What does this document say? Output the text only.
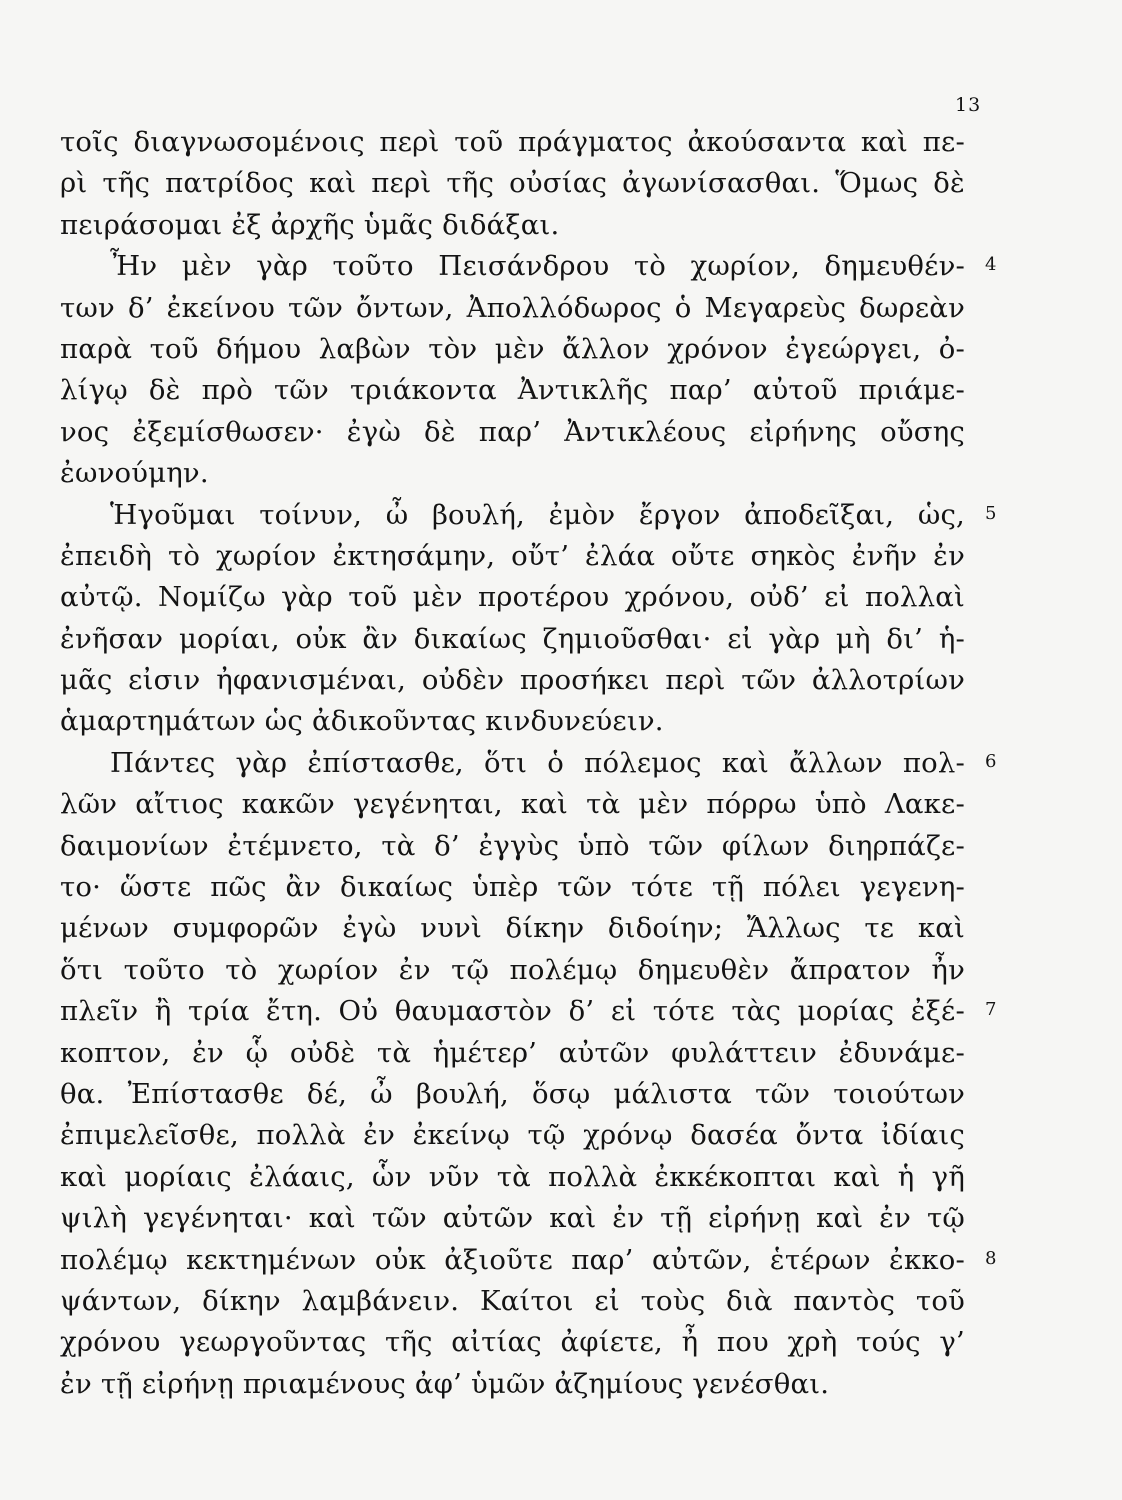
13
τοῖς διαγνωσομένοις περὶ τοῦ πράγματος ἀκούσαντα καὶ πε-
ρὶ τῆς πατρίδος καὶ περὶ τῆς οὐσίας ἀγωνίσασθαι. Ὅμως δὲ
πειράσομαι ἐξ ἀρχῆς ὑμᾶς διδάξαι.
Ἦν μὲν γὰρ τοῦτο Πεισάνδρου τὸ χωρίον, δημευθέν- 4
των δ’ ἐκείνου τῶν ὄντων, Ἀπολλόδωρος ὁ Μεγαρεὺς δωρεὰν
παρὰ τοῦ δήμου λαβὼν τὸν μὲν ἄλλον χρόνον ἐγεώργει, ὀ-
λίγῳ δὲ πρὸ τῶν τριάκοντα Ἀντικλῆς παρ’ αὐτοῦ πριάμε-
νος ἐξεμίσθωσεν· ἐγὼ δὲ παρ’ Ἀντικλέους εἰρήνης οὔσης
ἐωνούμην.
Ἡγοῦμαι τοίνυν, ὦ βουλή, ἐμὸν ἔργον ἀποδεῖξαι, ὡς, 5
ἐπειδὴ τὸ χωρίον ἐκτησάμην, οὔτ’ ἐλάα οὔτε σηκὸς ἐνῆν ἐν
αὐτῷ. Νομίζω γὰρ τοῦ μὲν προτέρου χρόνου, οὐδ’ εἰ πολλαὶ
ἐνῆσαν μορίαι, οὐκ ἂν δικαίως ζημιοῦσθαι· εἰ γὰρ μὴ δι’ ἡ-
μᾶς εἰσιν ἠφανισμέναι, οὐδὲν προσήκει περὶ τῶν ἀλλοτρίων
ἁμαρτημάτων ὡς ἀδικοῦντας κινδυνεύειν.
Πάντες γὰρ ἐπίστασθε, ὅτι ὁ πόλεμος καὶ ἄλλων πολ- 6
λῶν αἴτιος κακῶν γεγένηται, καὶ τὰ μὲν πόρρω ὑπὸ Λακε-
δαιμονίων ἐτέμνετο, τὰ δ’ ἐγγὺς ὑπὸ τῶν φίλων διηρπάζε-
το· ὥστε πῶς ἂν δικαίως ὑπὲρ τῶν τότε τῇ πόλει γεγενη-
μένων συμφορῶν ἐγὼ νυνὶ δίκην διδοίην; Ἄλλως τε καὶ
ὅτι τοῦτο τὸ χωρίον ἐν τῷ πολέμῳ δημευθὲν ἄπρατον ἦν
πλεῖν ἢ τρία ἔτη. Οὐ θαυμαστὸν δ’ εἰ τότε τὰς μορίας ἐξέ- 7
κοπτον, ἐν ᾧ οὐδὲ τὰ ἡμέτερ’ αὐτῶν φυλάττειν ἐδυνάμε-
θα. Ἐπίστασθε δέ, ὦ βουλή, ὅσῳ μάλιστα τῶν τοιούτων
ἐπιμελεῖσθε, πολλὰ ἐν ἐκείνῳ τῷ χρόνῳ δασέα ὄντα ἰδίαις
καὶ μορίαις ἐλάαις, ὧν νῦν τὰ πολλὰ ἐκκέκοπται καὶ ἡ γῆ
ψιλὴ γεγένηται· καὶ τῶν αὐτῶν καὶ ἐν τῇ εἰρήνῃ καὶ ἐν τῷ
πολέμῳ κεκτημένων οὐκ ἀξιοῦτε παρ’ αὐτῶν, ἑτέρων ἐκκο- 8
ψάντων, δίκην λαμβάνειν. Καίτοι εἰ τοὺς διὰ παντὸς τοῦ
χρόνου γεωργοῦντας τῆς αἰτίας ἀφίετε, ἦ που χρὴ τούς γ’
ἐν τῇ εἰρήνῃ πριαμένους ἀφ’ ὑμῶν ἀζημίους γενέσθαι.
